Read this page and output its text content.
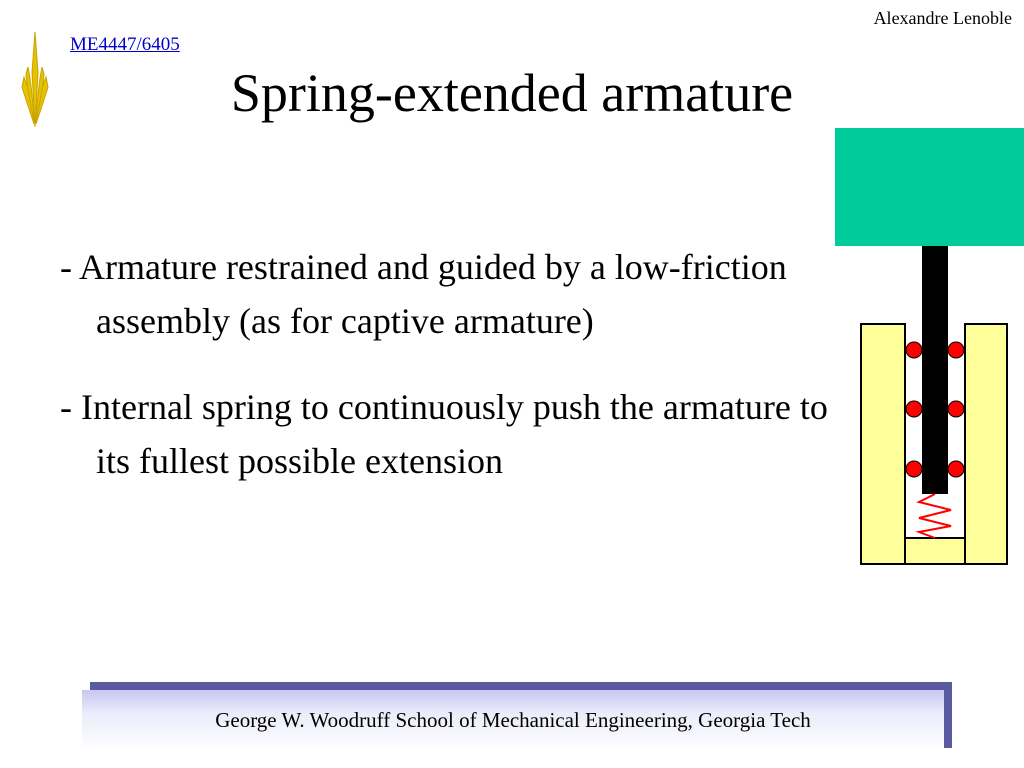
Alexandre Lenoble
ME4447/6405
Spring-extended armature

- Armature restrained and guided by a low-friction assembly (as for captive armature)

- Internal spring to continuously push the armature to its fullest possible extension

George W. Woodruff School of Mechanical Engineering, Georgia Tech
